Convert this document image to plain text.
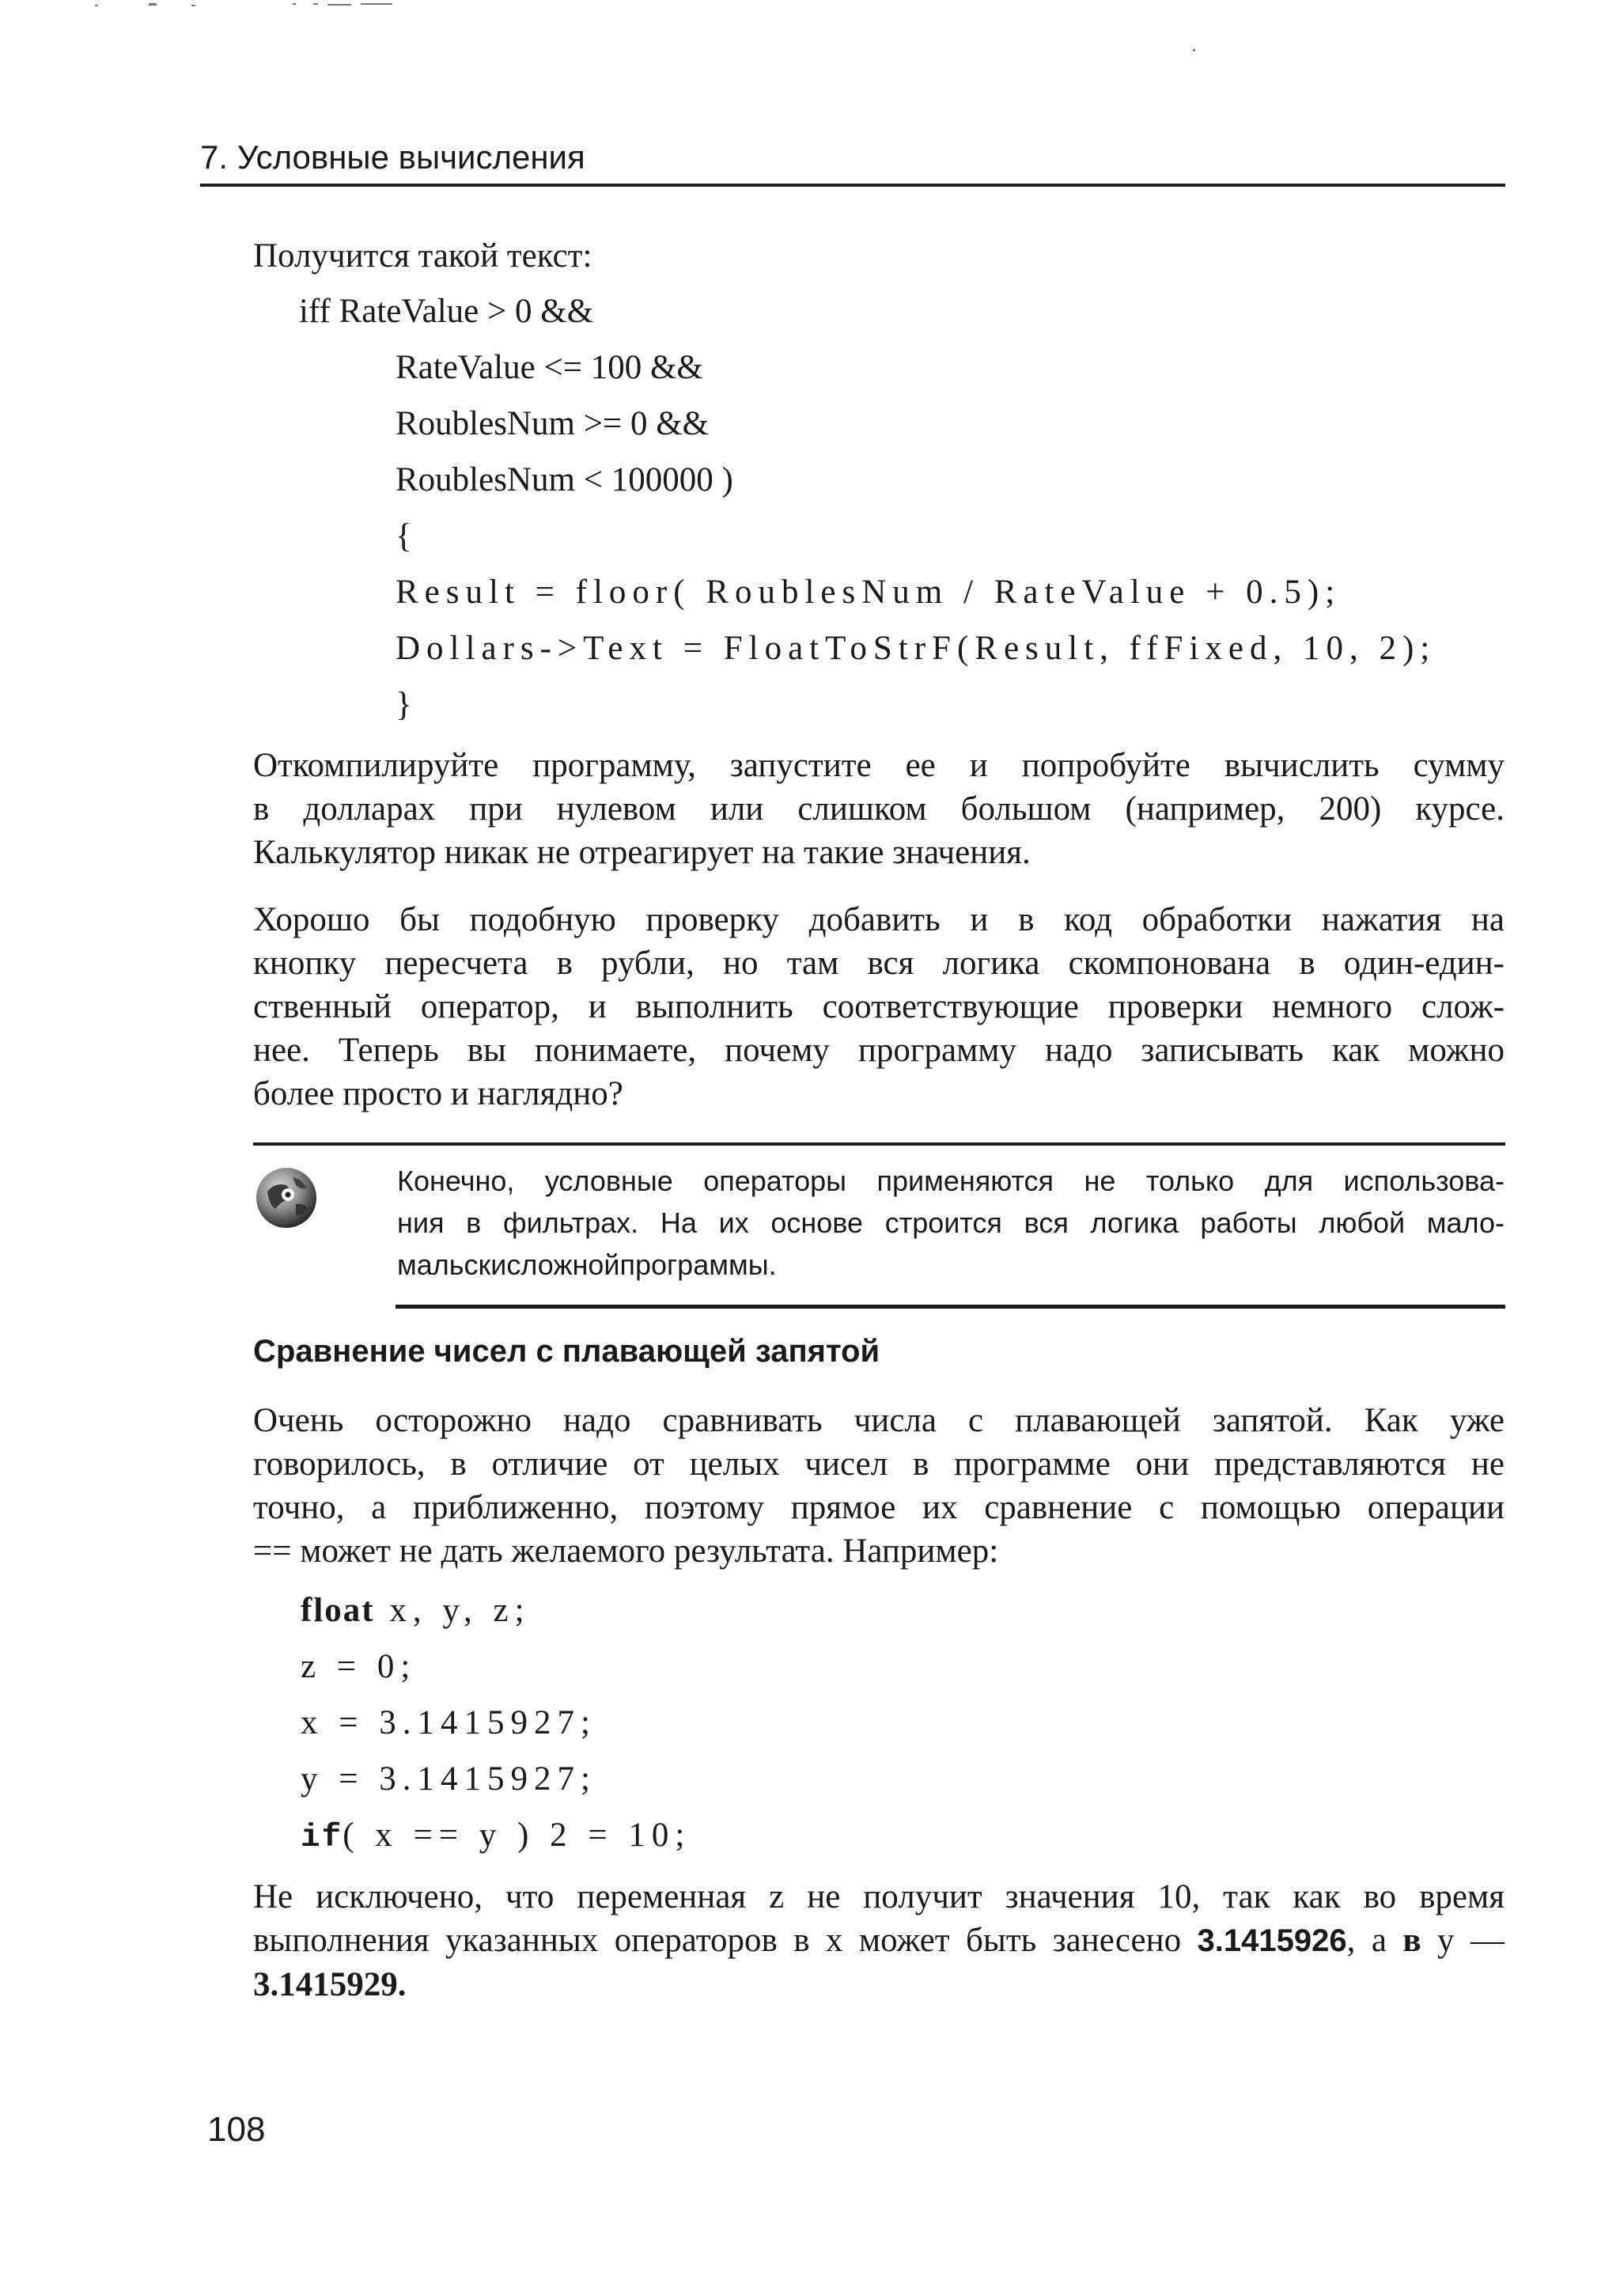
7. Условные вычисления
Получится такой текст:
iff RateValue > 0 &&
RateValue <= 100 &&
RoublesNum >= 0 &&
RoublesNum < 100000 )
{
Result = floor( RoublesNum / RateValue + 0.5);
Dollars->Text = FloatToStrF(Result, ffFixed, 10, 2);
}
Откомпилируйте программу, запустите ее и попробуйте вычислить сумму
в долларах при нулевом или слишком большом (например, 200) курсе.
Калькулятор никак не отреагирует на такие значения.
Хорошо бы подобную проверку добавить и в код обработки нажатия на
кнопку пересчета в рубли, но там вся логика скомпонована в один-един-
ственный оператор, и выполнить соответствующие проверки немного слож-
нее. Теперь вы понимаете, почему программу надо записывать как можно
более просто и наглядно?
Конечно, условные операторы применяются не только для использова-
ния в фильтрах. На их основе строится вся логика работы любой мало-
мальскисложнойпрограммы.
Сравнение чисел с плавающей запятой
Очень осторожно надо сравнивать числа с плавающей запятой. Как уже
говорилось, в отличие от целых чисел в программе они представляются не
точно, а приближенно, поэтому прямое их сравнение с помощью операции
== может не дать желаемого результата. Например:
float x, y, z;
z = 0;
x = 3.1415927;
y = 3.1415927;
if( x == y ) 2 = 10;
Не исключено, что переменная z не получит значения 10, так как во время
выполнения указанных операторов в x может быть занесено 3.1415926, а в у —
3.1415929.
108
